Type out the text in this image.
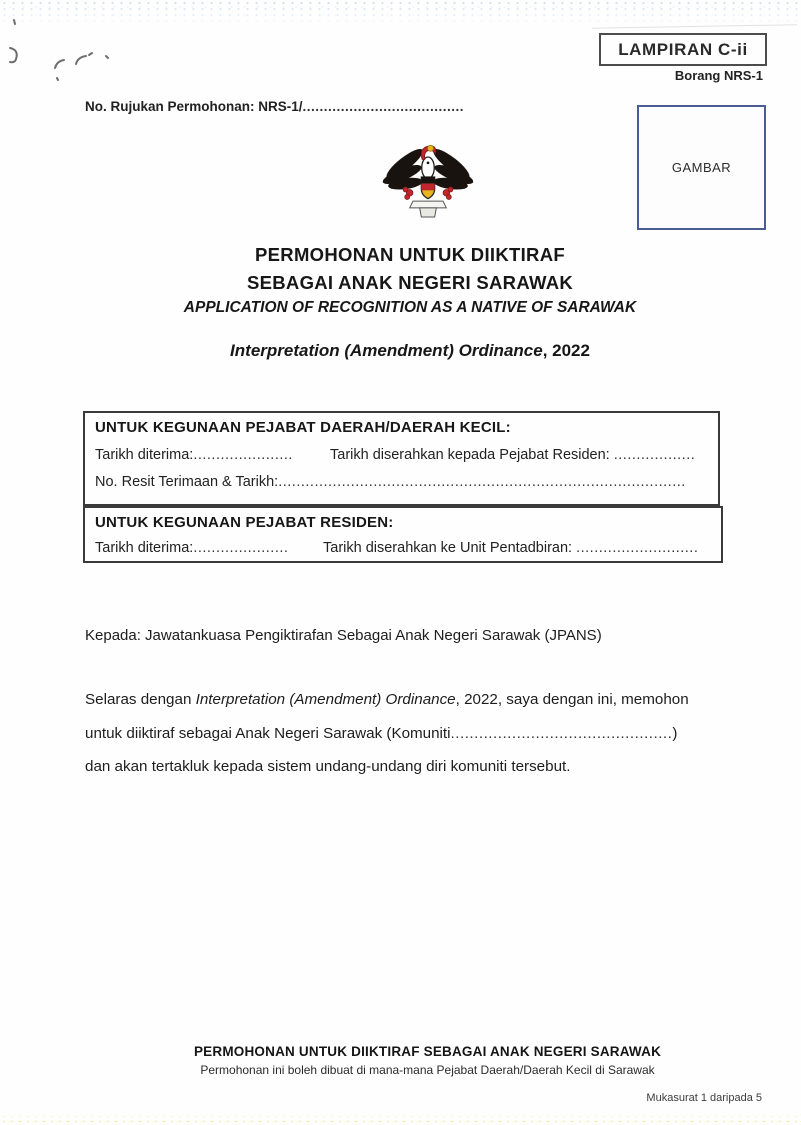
LAMPIRAN C-ii
Borang NRS-1
No. Rujukan Permohonan: NRS-1/......................................
GAMBAR
PERMOHONAN UNTUK DIIKTIRAF
SEBAGAI ANAK NEGERI SARAWAK
APPLICATION OF RECOGNITION AS A NATIVE OF SARAWAK
Interpretation (Amendment) Ordinance, 2022
UNTUK KEGUNAAN PEJABAT DAERAH/DAERAH KECIL:
Tarikh diterima:......................	Tarikh diserahkan kepada Pejabat Residen: ..................
No. Resit Terimaan & Tarikh:..........................................................................................
UNTUK KEGUNAAN PEJABAT RESIDEN:
Tarikh diterima:..................... Tarikh diserahkan ke Unit Pentadbiran: ...........................
Kepada: Jawatankuasa Pengiktirafan Sebagai Anak Negeri Sarawak (JPANS)
Selaras dengan Interpretation (Amendment) Ordinance, 2022, saya dengan ini, memohon
untuk diiktiraf sebagai Anak Negeri Sarawak (Komuniti...............................................)
dan akan tertakluk kepada sistem undang-undang diri komuniti tersebut.
PERMOHONAN UNTUK DIIKTIRAF SEBAGAI ANAK NEGERI SARAWAK
Permohonan ini boleh dibuat di mana-mana Pejabat Daerah/Daerah Kecil di Sarawak
Mukasurat 1 daripada 5
